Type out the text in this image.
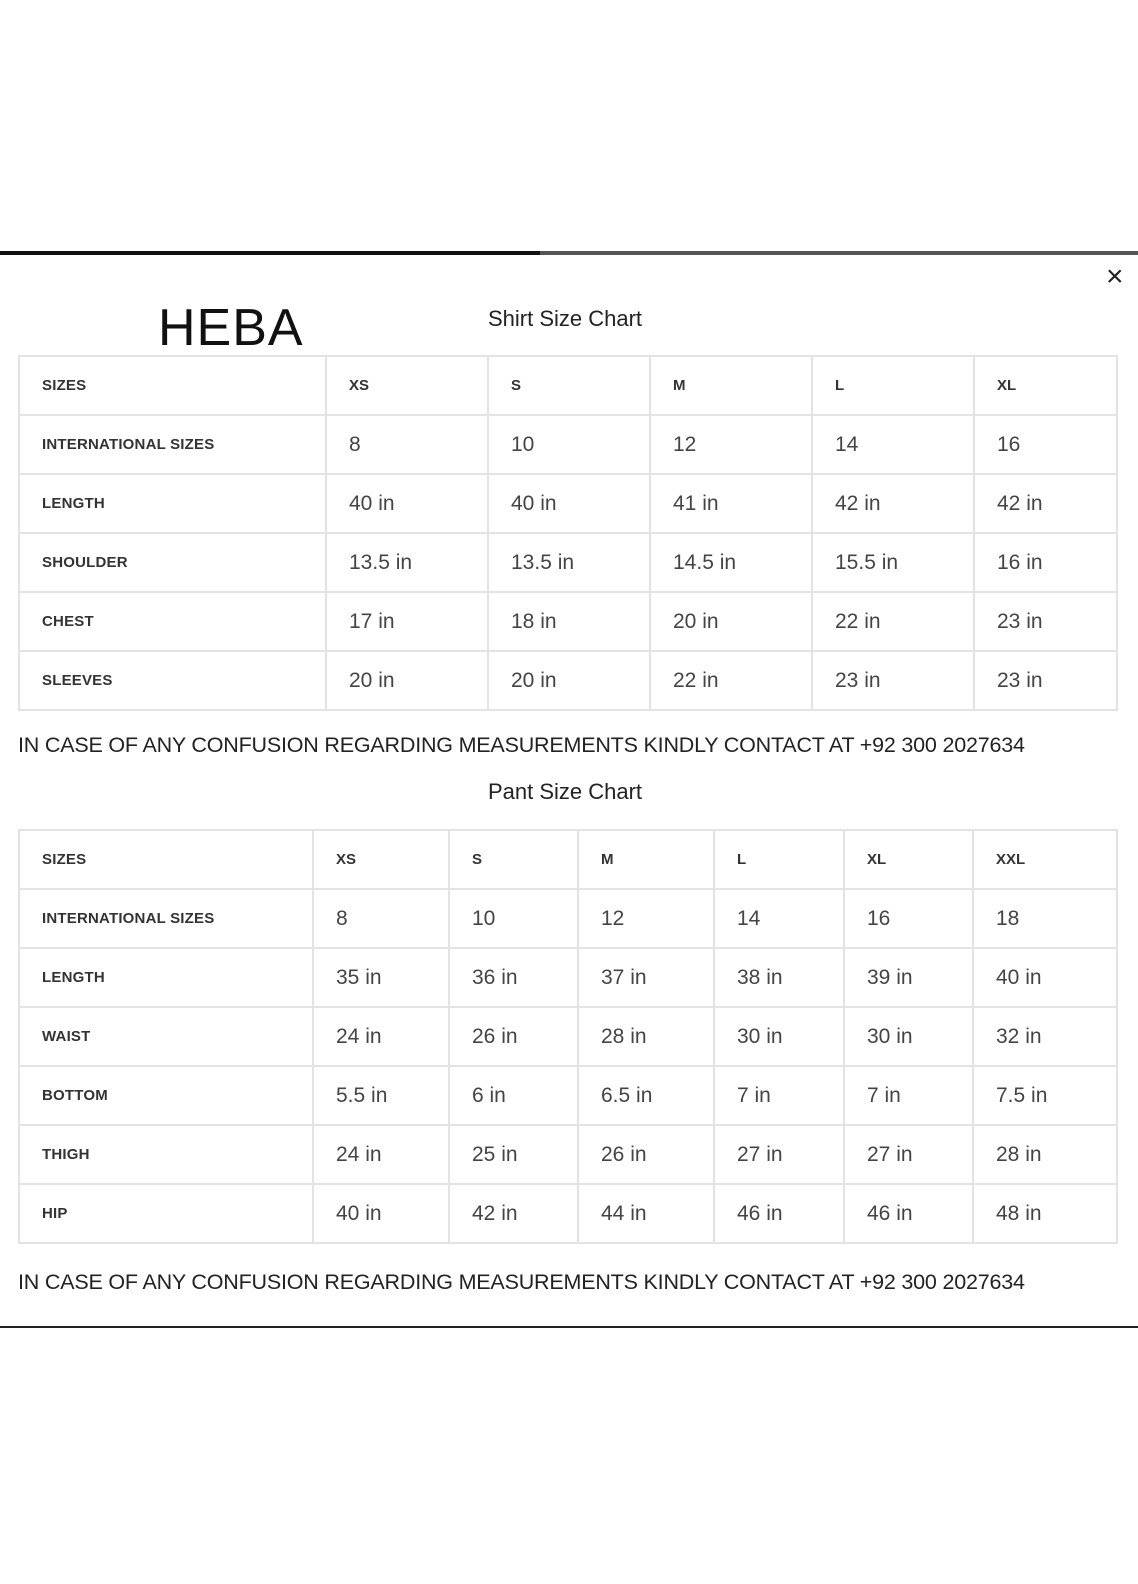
×
HEBA	Shirt Size Chart
SIZES	XS	S	M	L	XL
INTERNATIONAL SIZES	8	10	12	14	16
LENGTH	40 in	40 in	41 in	42 in	42 in
SHOULDER	13.5 in	13.5 in	14.5 in	15.5 in	16 in
CHEST	17 in	18 in	20 in	22 in	23 in
SLEEVES	20 in	20 in	22 in	23 in	23 in
IN CASE OF ANY CONFUSION REGARDING MEASUREMENTS KINDLY CONTACT AT +92 300 2027634
Pant Size Chart
SIZES	XS	S	M	L	XL	XXL
INTERNATIONAL SIZES	8	10	12	14	16	18
LENGTH	35 in	36 in	37 in	38 in	39 in	40 in
WAIST	24 in	26 in	28 in	30 in	30 in	32 in
BOTTOM	5.5 in	6 in	6.5 in	7 in	7 in	7.5 in
THIGH	24 in	25 in	26 in	27 in	27 in	28 in
HIP	40 in	42 in	44 in	46 in	46 in	48 in
IN CASE OF ANY CONFUSION REGARDING MEASUREMENTS KINDLY CONTACT AT +92 300 2027634
